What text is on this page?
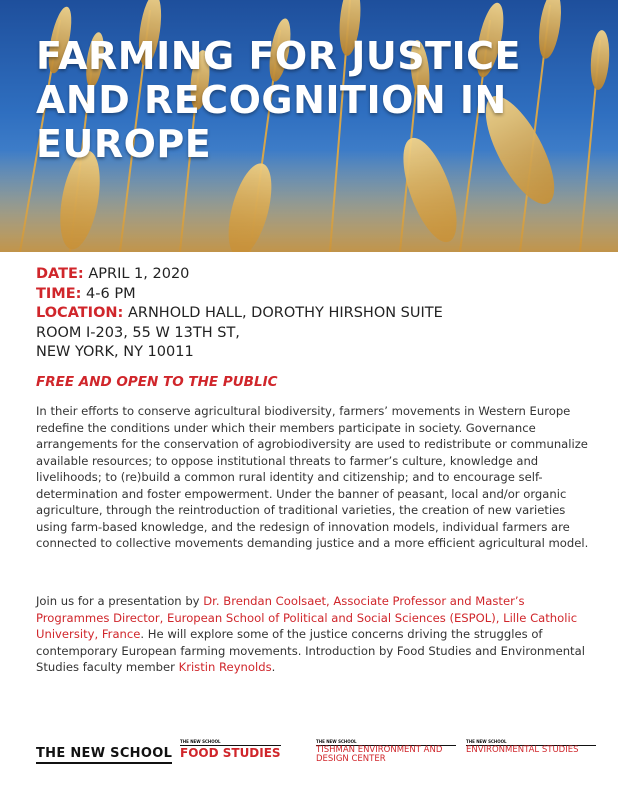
FARMING FOR JUSTICE AND RECOGNITION IN EUROPE
DATE: APRIL 1, 2020
TIME: 4-6 PM
LOCATION: ARNHOLD HALL, DOROTHY HIRSHON SUITE
ROOM I-203, 55 W 13TH ST,
NEW YORK, NY 10011

FREE AND OPEN TO THE PUBLIC

In their efforts to conserve agricultural biodiversity, farmers’ movements in Western Europe redefine the conditions under which their members participate in society. Governance arrangements for the conservation of agrobiodiversity are used to redistribute or communalize available resources; to oppose institutional threats to farmer’s culture, knowledge and livelihoods; to (re)build a common rural identity and citizenship; and to encourage self-determination and foster empowerment. Under the banner of peasant, local and/or organic agriculture, through the reintroduction of traditional varieties, the creation of new varieties using farm-based knowledge, and the redesign of innovation models, individual farmers are connected to collective movements demanding justice and a more efficient agricultural model.

Join us for a presentation by Dr. Brendan Coolsaet, Associate Professor and Master’s Programmes Director, European School of Political and Social Sciences (ESPOL), Lille Catholic University, France. He will explore some of the justice concerns driving the struggles of contemporary European farming movements. Introduction by Food Studies and Environmental Studies faculty member Kristin Reynolds.

THE NEW SCHOOL
THE NEW SCHOOL
FOOD STUDIES
THE NEW SCHOOL
TISHMAN ENVIRONMENT AND DESIGN CENTER
THE NEW SCHOOL
ENVIRONMENTAL STUDIES
